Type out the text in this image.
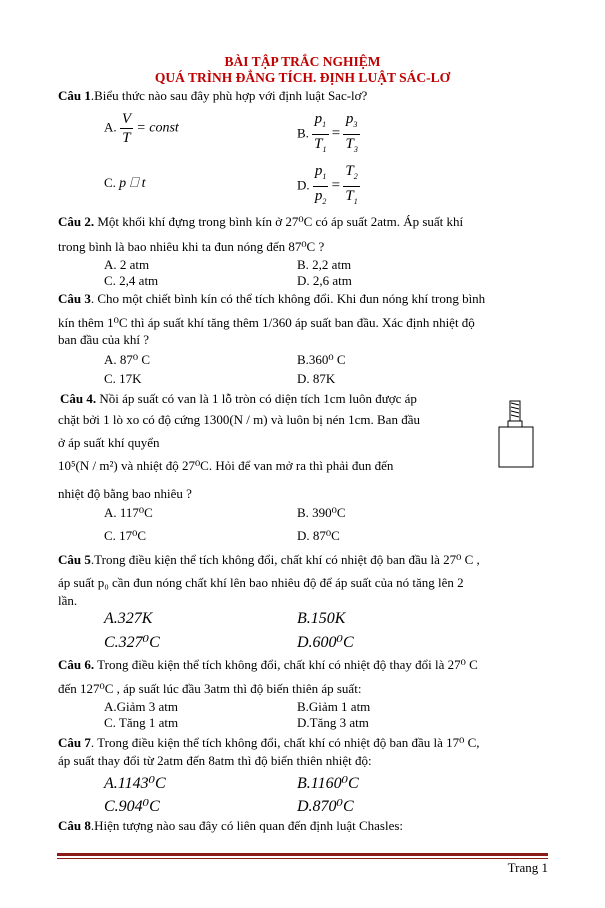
BÀI TẬP TRẮC NGHIỆM
QUÁ TRÌNH ĐẲNG TÍCH. ĐỊNH LUẬT SÁC-LƠ
Câu 1.Biểu thức nào sau đây phù hợp với định luật Sac-lơ?
A. $\frac{V}{T}$ = const	B. $\frac{p_1}{T_1} = \frac{p_3}{T_3}$
C. p ⎕ t	D. $\frac{p_1}{p_2} = \frac{T_2}{T_1}$
Câu 2. Một khối khí đựng trong bình kín ở 27⁰C có áp suất 2atm. Áp suất khí
trong bình là bao nhiêu khi ta đun nóng đến 87⁰C ?
A. 2 atm	B. 2,2 atm
C. 2,4 atm	D. 2,6 atm
Câu 3. Cho một chiết bình kín có thể tích không đổi. Khi đun nóng khí trong bình
kín thêm 1⁰C thì áp suất khí tăng thêm 1/360 áp suất ban đầu. Xác định nhiệt độ
ban đầu của khí ?
A. 87⁰ C	B.360⁰ C
C. 17K	D. 87K
Câu 4. Nồi áp suất có van là 1 lỗ tròn có diện tích 1cm luôn được áp
chặt bởi 1 lò xo có độ cứng 1300(N / m) và luôn bị nén 1cm. Ban đầu
ở áp suất khí quyển
10⁵(N / m²) và nhiệt độ 27⁰C. Hỏi để van mở ra thì phải đun đến
nhiệt độ bằng bao nhiêu ?
A. 117⁰C	B. 390⁰C
C. 17⁰C	D. 87⁰C
Câu 5.Trong điều kiện thể tích không đổi, chất khí có nhiệt độ ban đầu là 27⁰ C ,
áp suất p₀ cần đun nóng chất khí lên bao nhiêu độ để áp suất của nó tăng lên 2
lần.
A.327K	B.150K
C.327⁰C	D.600⁰C
Câu 6. Trong điều kiện thể tích không đổi, chất khí có nhiệt độ thay đổi là 27⁰ C
đến 127⁰C , áp suất lúc đầu 3atm thì độ biến thiên áp suất:
A.Giảm 3 atm	B.Giảm 1 atm
C. Tăng 1 atm	D.Tăng 3 atm
Câu 7. Trong điều kiện thể tích không đổi, chất khí có nhiệt độ ban đầu là 17⁰ C,
áp suất thay đổi từ 2atm đến 8atm thì độ biến thiên nhiệt độ:
A.1143⁰C	B.1160⁰C
C.904⁰C	D.870⁰C
Câu 8.Hiện tượng nào sau đây có liên quan đến định luật Chasles:
Trang 1
